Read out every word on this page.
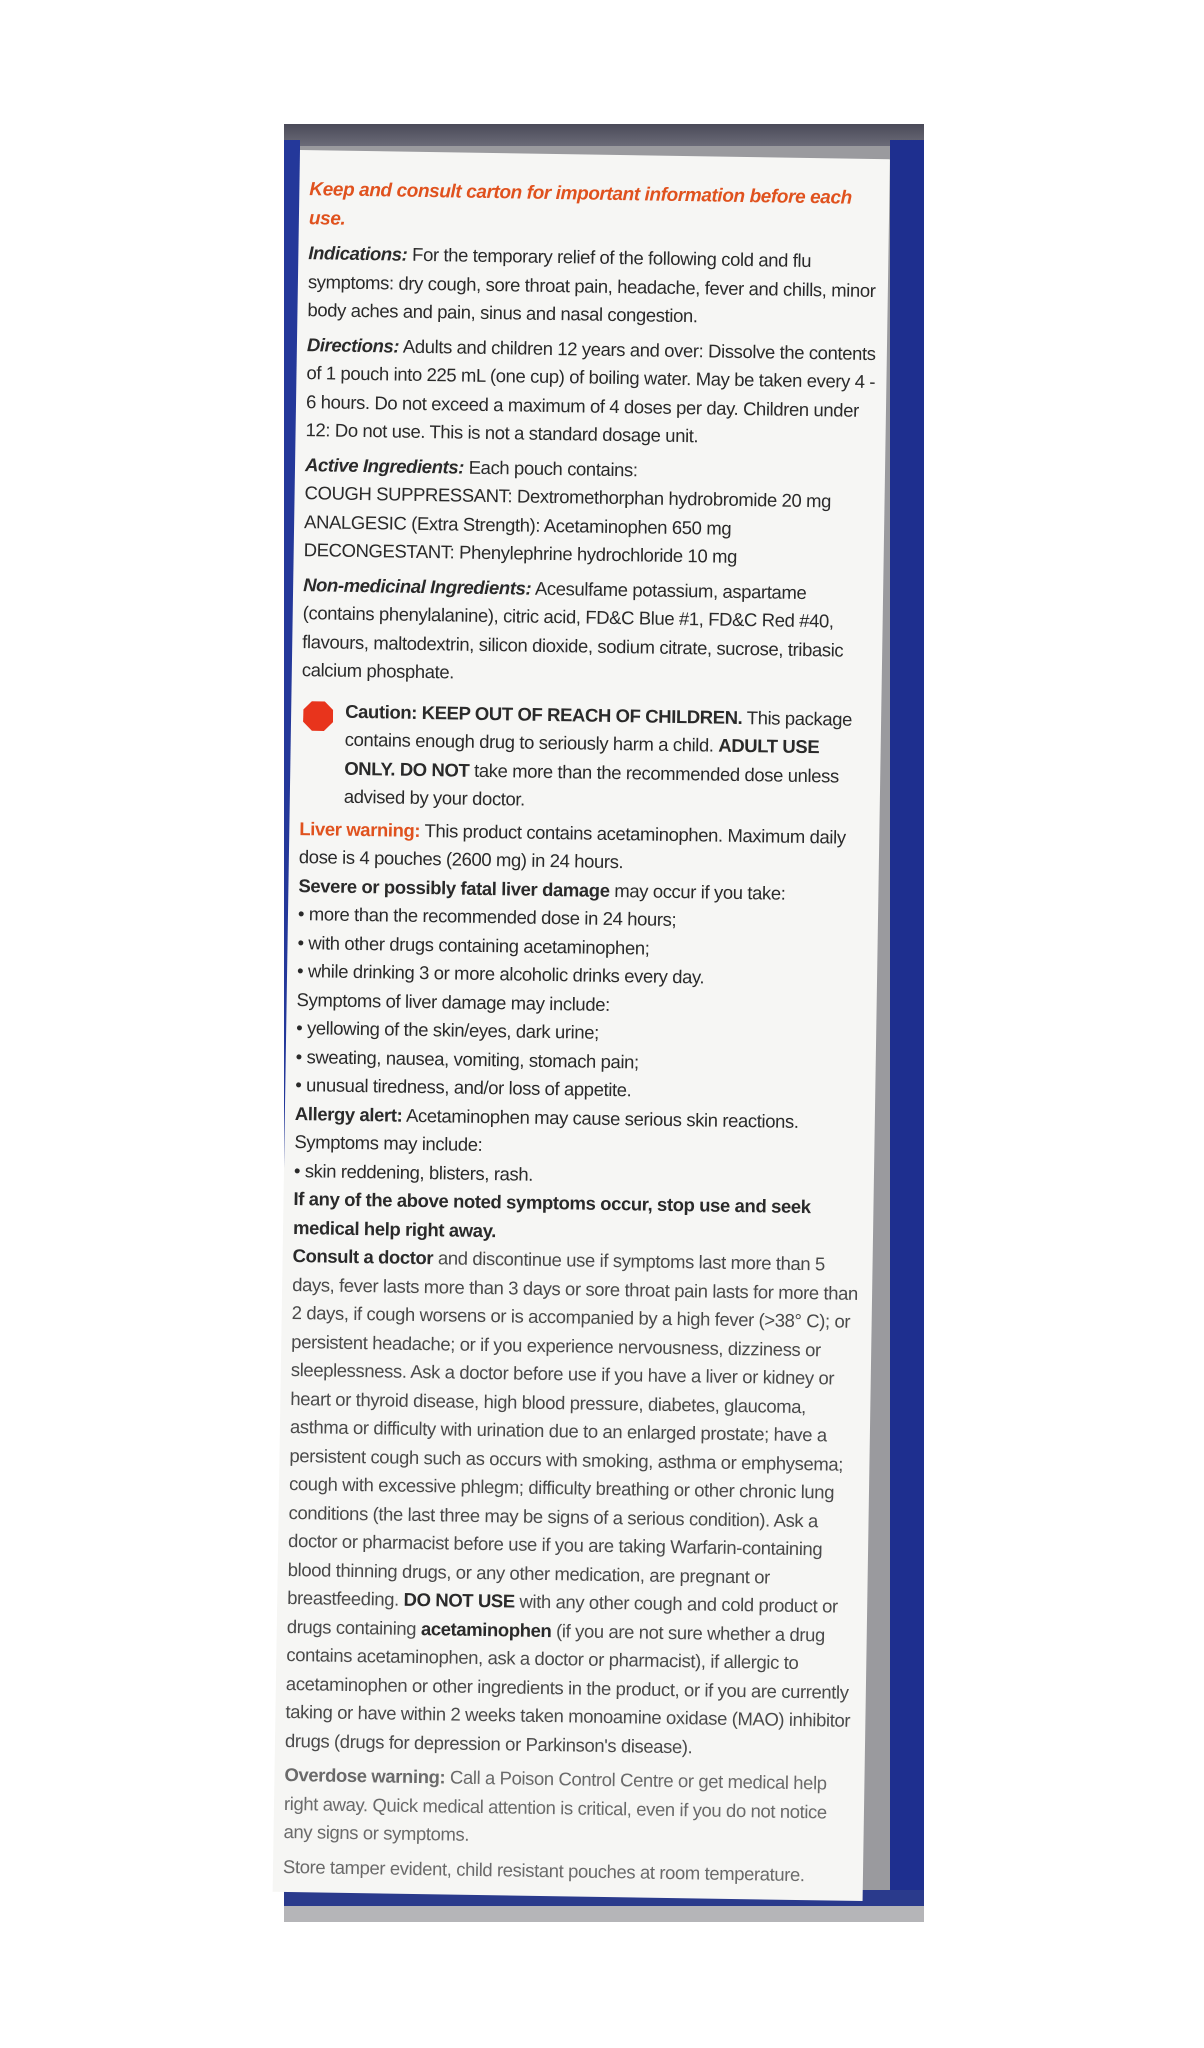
Keep and consult carton for important information before each use.

Indications: For the temporary relief of the following cold and flu symptoms: dry cough, sore throat pain, headache, fever and chills, minor body aches and pain, sinus and nasal congestion.

Directions: Adults and children 12 years and over: Dissolve the contents of 1 pouch into 225 mL (one cup) of boiling water. May be taken every 4 - 6 hours. Do not exceed a maximum of 4 doses per day. Children under 12: Do not use. This is not a standard dosage unit.

Active Ingredients: Each pouch contains:
COUGH SUPPRESSANT: Dextromethorphan hydrobromide 20 mg
ANALGESIC (Extra Strength): Acetaminophen 650 mg
DECONGESTANT: Phenylephrine hydrochloride 10 mg

Non-medicinal Ingredients: Acesulfame potassium, aspartame (contains phenylalanine), citric acid, FD&C Blue #1, FD&C Red #40, flavours, maltodextrin, silicon dioxide, sodium citrate, sucrose, tribasic calcium phosphate.

Caution: KEEP OUT OF REACH OF CHILDREN. This package contains enough drug to seriously harm a child. ADULT USE ONLY. DO NOT take more than the recommended dose unless advised by your doctor.
Liver warning: This product contains acetaminophen. Maximum daily dose is 4 pouches (2600 mg) in 24 hours.
Severe or possibly fatal liver damage may occur if you take:
• more than the recommended dose in 24 hours;
• with other drugs containing acetaminophen;
• while drinking 3 or more alcoholic drinks every day.
Symptoms of liver damage may include:
• yellowing of the skin/eyes, dark urine;
• sweating, nausea, vomiting, stomach pain;
• unusual tiredness, and/or loss of appetite.
Allergy alert: Acetaminophen may cause serious skin reactions.
Symptoms may include:
• skin reddening, blisters, rash.
If any of the above noted symptoms occur, stop use and seek medical help right away.

Consult a doctor and discontinue use if symptoms last more than 5 days, fever lasts more than 3 days or sore throat pain lasts for more than 2 days, if cough worsens or is accompanied by a high fever (>38° C); or persistent headache; or if you experience nervousness, dizziness or sleeplessness. Ask a doctor before use if you have a liver or kidney or heart or thyroid disease, high blood pressure, diabetes, glaucoma, asthma or difficulty with urination due to an enlarged prostate; have a persistent cough such as occurs with smoking, asthma or emphysema; cough with excessive phlegm; difficulty breathing or other chronic lung conditions (the last three may be signs of a serious condition). Ask a doctor or pharmacist before use if you are taking Warfarin-containing blood thinning drugs, or any other medication, are pregnant or breastfeeding. DO NOT USE with any other cough and cold product or drugs containing acetaminophen (if you are not sure whether a drug contains acetaminophen, ask a doctor or pharmacist), if allergic to acetaminophen or other ingredients in the product, or if you are currently taking or have within 2 weeks taken monoamine oxidase (MAO) inhibitor drugs (drugs for depression or Parkinson's disease).

Overdose warning: Call a Poison Control Centre or get medical help right away. Quick medical attention is critical, even if you do not notice any signs or symptoms.

Store tamper evident, child resistant pouches at room temperature.
